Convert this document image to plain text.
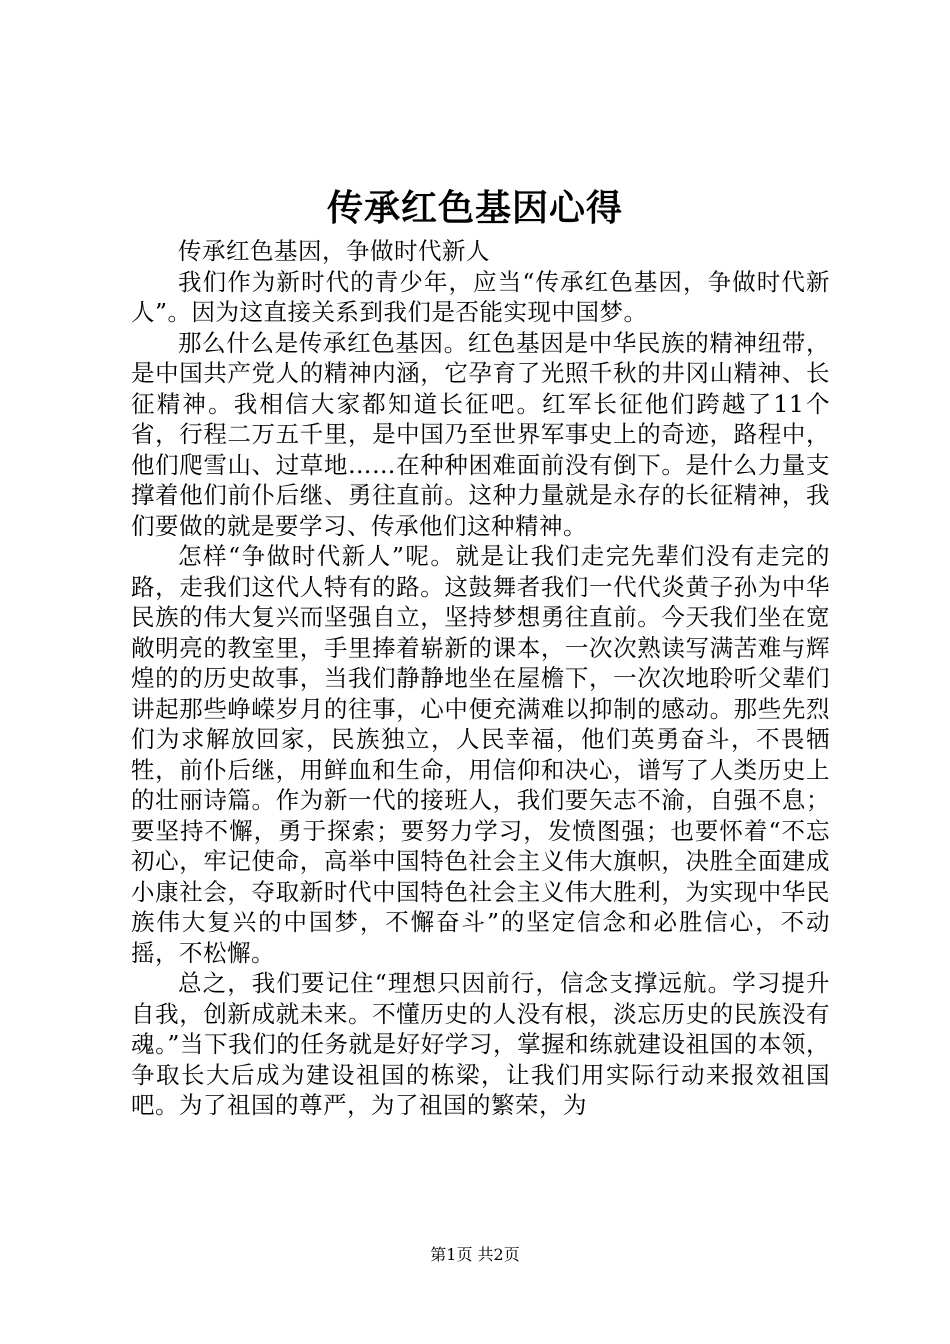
传承红色基因心得

传承红色基因，争做时代新人

我们作为新时代的青少年，应当“传承红色基因，争做时代新人”。因为这直接关系到我们是否能实现中国梦。

那么什么是传承红色基因。红色基因是中华民族的精神纽带，是中国共产党人的精神内涵，它孕育了光照千秋的井冈山精神、长征精神。我相信大家都知道长征吧。红军长征他们跨越了11个省，行程二万五千里，是中国乃至世界军事史上的奇迹，路程中，他们爬雪山、过草地……在种种困难面前没有倒下。是什么力量支撑着他们前仆后继、勇往直前。这种力量就是永存的长征精神，我们要做的就是要学习、传承他们这种精神。

怎样“争做时代新人”呢。就是让我们走完先辈们没有走完的路，走我们这代人特有的路。这鼓舞者我们一代代炎黄子孙为中华民族的伟大复兴而坚强自立，坚持梦想勇往直前。今天我们坐在宽敞明亮的教室里，手里捧着崭新的课本，一次次熟读写满苦难与辉煌的的历史故事，当我们静静地坐在屋檐下，一次次地聆听父辈们讲起那些峥嵘岁月的往事，心中便充满难以抑制的感动。那些先烈们为求解放回家，民族独立，人民幸福，他们英勇奋斗，不畏牺牲，前仆后继，用鲜血和生命，用信仰和决心，谱写了人类历史上的壮丽诗篇。作为新一代的接班人，我们要矢志不渝，自强不息；要坚持不懈，勇于探索；要努力学习，发愤图强；也要怀着“不忘初心，牢记使命，高举中国特色社会主义伟大旗帜，决胜全面建成小康社会，夺取新时代中国特色社会主义伟大胜利，为实现中华民族伟大复兴的中国梦，不懈奋斗”的坚定信念和必胜信心，不动摇，不松懈。

总之，我们要记住“理想只因前行，信念支撑远航。学习提升自我，创新成就未来。不懂历史的人没有根，淡忘历史的民族没有魂。”当下我们的任务就是好好学习，掌握和练就建设祖国的本领，争取长大后成为建设祖国的栋梁，让我们用实际行动来报效祖国吧。为了祖国的尊严，为了祖国的繁荣，为

第1页 共2页
